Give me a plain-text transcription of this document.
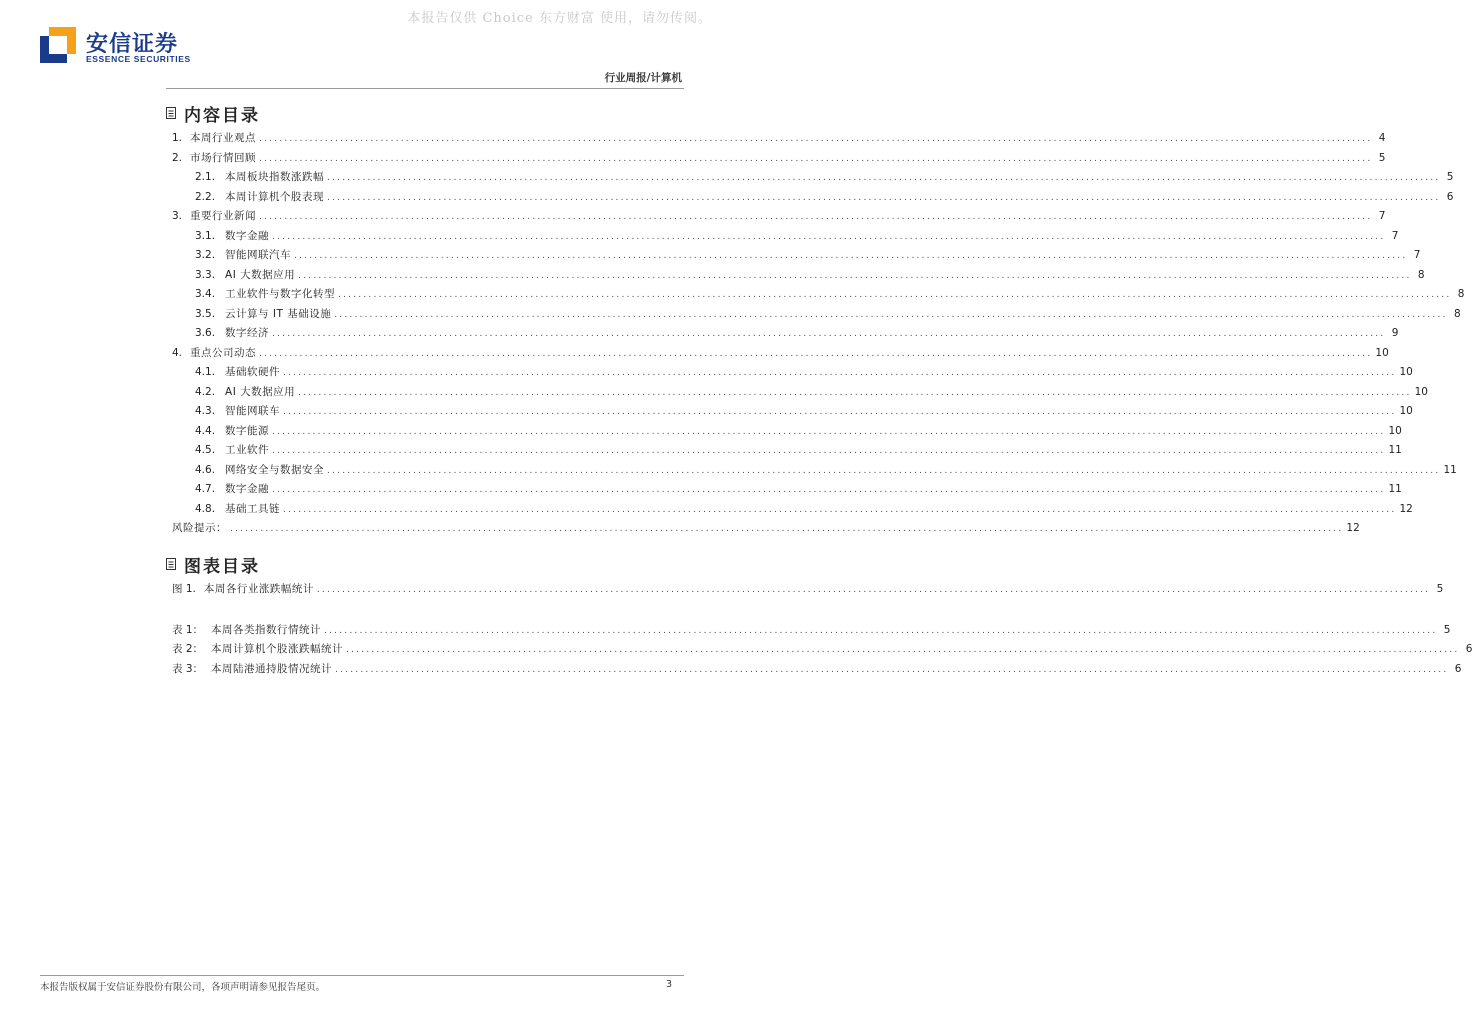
本报告仅供 Choice 东方财富 使用，请勿传阅。
安信证券
ESSENCE SECURITIES
行业周报/计算机
内容目录
1. 本周行业观点 ............................................................................................................................................................................................................................ 4
2. 市场行情回顾 ............................................................................................................................................................................................................................ 5
2.1. 本周板块指数涨跌幅 ............................................................................................................................................................................................................................ 5
2.2. 本周计算机个股表现 ............................................................................................................................................................................................................................ 6
3. 重要行业新闻 ............................................................................................................................................................................................................................ 7
3.1. 数字金融 ............................................................................................................................................................................................................................ 7
3.2. 智能网联汽车 ............................................................................................................................................................................................................................ 7
3.3. AI 大数据应用 ............................................................................................................................................................................................................................ 8
3.4. 工业软件与数字化转型 ............................................................................................................................................................................................................................ 8
3.5. 云计算与 IT 基础设施 ............................................................................................................................................................................................................................ 8
3.6. 数字经济 ............................................................................................................................................................................................................................ 9
4. 重点公司动态 ............................................................................................................................................................................................................................ 10
4.1. 基础软硬件 ............................................................................................................................................................................................................................ 10
4.2. AI 大数据应用 ............................................................................................................................................................................................................................ 10
4.3. 智能网联车 ............................................................................................................................................................................................................................ 10
4.4. 数字能源 ............................................................................................................................................................................................................................ 10
4.5. 工业软件 ............................................................................................................................................................................................................................ 11
4.6. 网络安全与数据安全 ............................................................................................................................................................................................................................ 11
4.7. 数字金融 ............................................................................................................................................................................................................................ 11
4.8. 基础工具链 ............................................................................................................................................................................................................................ 12
风险提示： ............................................................................................................................................................................................................................ 12
图表目录
图 1. 本周各行业涨跌幅统计 ............................................................................................................................................................................................................................ 5
表 1： 本周各类指数行情统计 ............................................................................................................................................................................................................................ 5
表 2： 本周计算机个股涨跌幅统计 ............................................................................................................................................................................................................................ 6
表 3： 本周陆港通持股情况统计 ............................................................................................................................................................................................................................ 6
本报告版权属于安信证券股份有限公司，各项声明请参见报告尾页。	3
